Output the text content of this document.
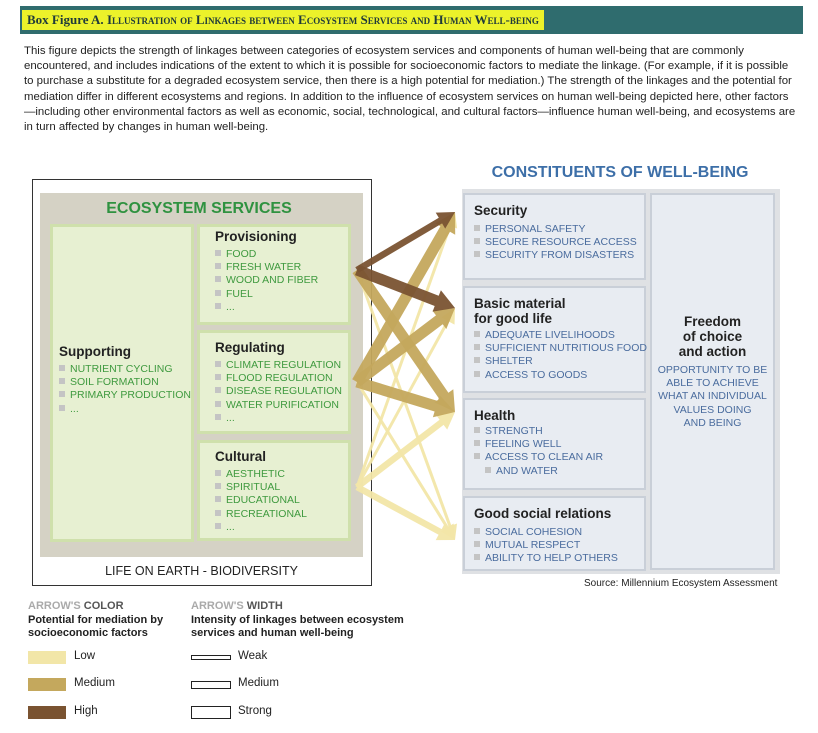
Box Figure A. Illustration of Linkages between Ecosystem Services and Human Well-being
This figure depicts the strength of linkages between categories of ecosystem services and components of human well-being that are commonly encountered, and includes indications of the extent to which it is possible for socioeconomic factors to mediate the linkage. (For example, if it is possible to purchase a substitute for a degraded ecosystem service, then there is a high potential for mediation.) The strength of the linkages and the potential for mediation differ in different ecosystems and regions. In addition to the influence of ecosystem services on human well-being depicted here, other factors—including other environmental factors as well as economic, social, technological, and cultural factors—influence human well-being, and ecosystems are in turn affected by changes in human well-being.
ECOSYSTEM SERVICES
Supporting
NUTRIENT CYCLING
SOIL FORMATION
PRIMARY PRODUCTION
...
Provisioning
FOOD
FRESH WATER
WOOD AND FIBER
FUEL
...
Regulating
CLIMATE REGULATION
FLOOD REGULATION
DISEASE REGULATION
WATER PURIFICATION
...
Cultural
AESTHETIC
SPIRITUAL
EDUCATIONAL
RECREATIONAL
...
LIFE ON EARTH - BIODIVERSITY
CONSTITUENTS OF WELL-BEING
Security
PERSONAL SAFETY
SECURE RESOURCE ACCESS
SECURITY FROM DISASTERS
Basic material
for good life
ADEQUATE LIVELIHOODS
SUFFICIENT NUTRITIOUS FOOD
SHELTER
ACCESS TO GOODS
Health
STRENGTH
FEELING WELL
ACCESS TO CLEAN AIR
AND WATER
Good social relations
SOCIAL COHESION
MUTUAL RESPECT
ABILITY TO HELP OTHERS
Freedom
of choice
and action
OPPORTUNITY TO BE
ABLE TO ACHIEVE
WHAT AN INDIVIDUAL
VALUES DOING
AND BEING
Source: Millennium Ecosystem Assessment
ARROW'S COLOR
Potential for mediation by
socioeconomic factors
Low
Medium
High
ARROW'S WIDTH
Intensity of linkages between ecosystem
services and human well-being
Weak
Medium
Strong
